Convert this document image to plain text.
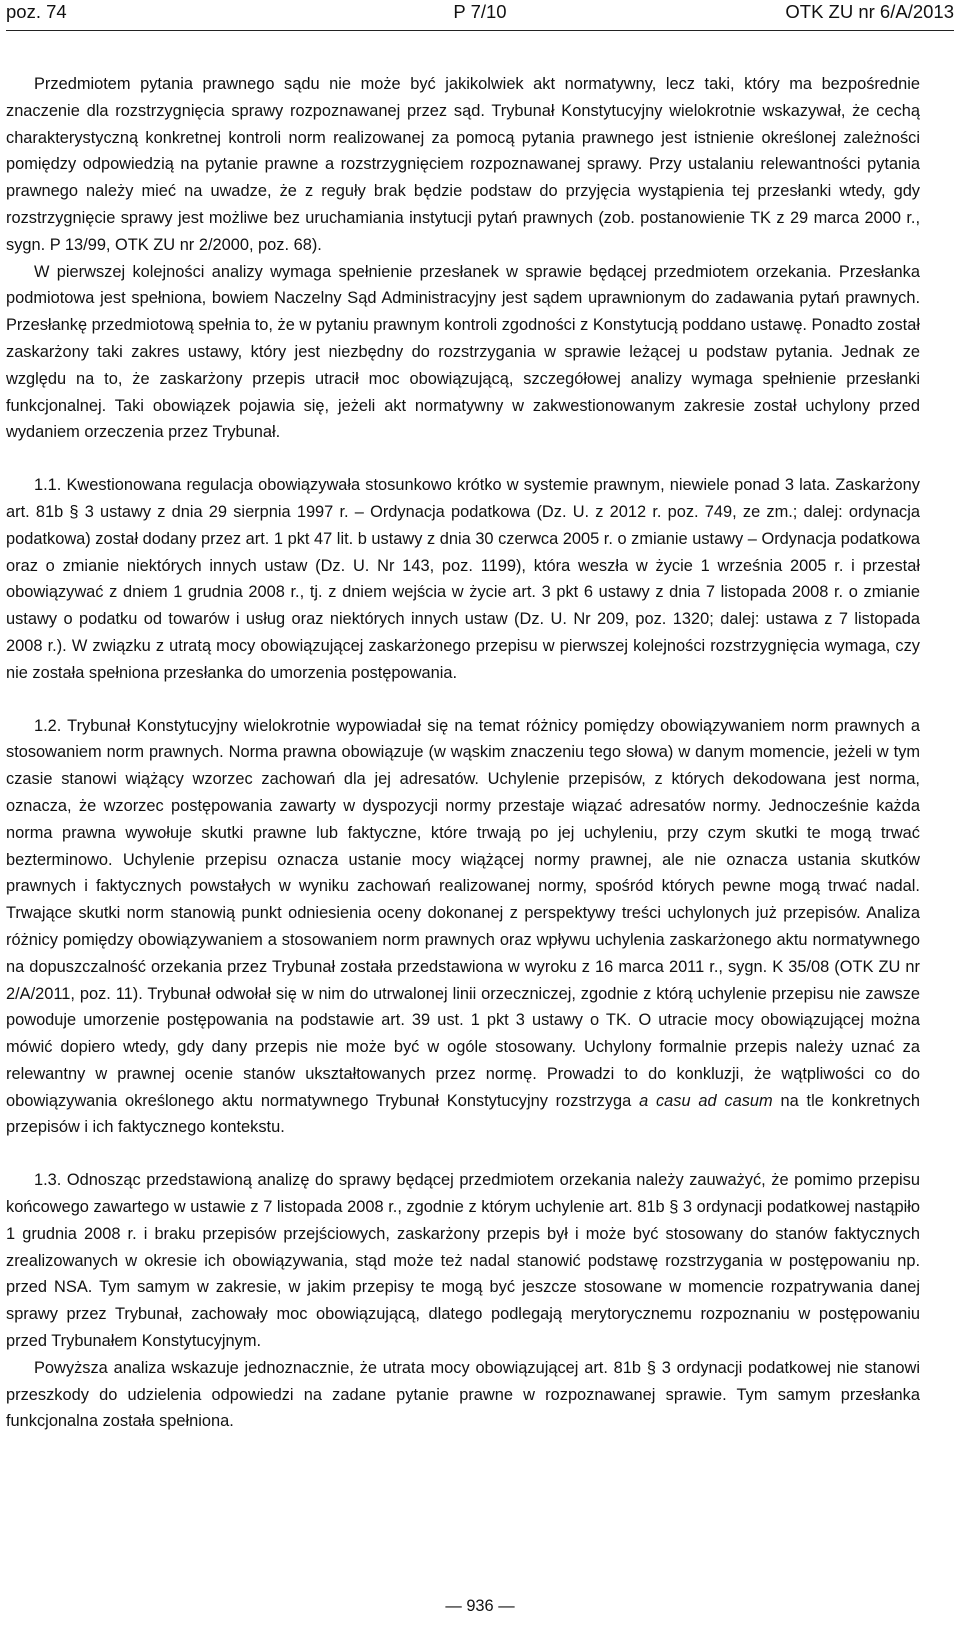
poz. 74	P 7/10	OTK ZU nr 6/A/2013

Przedmiotem pytania prawnego sądu nie może być jakikolwiek akt normatywny, lecz taki, który ma bezpośrednie znaczenie dla rozstrzygnięcia sprawy rozpoznawanej przez sąd. Trybunał Konstytucyjny wielokrotnie wskazywał, że cechą charakterystyczną konkretnej kontroli norm realizowanej za pomocą pytania prawnego jest istnienie określonej zależności pomiędzy odpowiedzią na pytanie prawne a rozstrzygnięciem rozpoznawanej sprawy. Przy ustalaniu relewantności pytania prawnego należy mieć na uwadze, że z reguły brak będzie podstaw do przyjęcia wystąpienia tej przesłanki wtedy, gdy rozstrzygnięcie sprawy jest możliwe bez uruchamiania instytucji pytań prawnych (zob. postanowienie TK z 29 marca 2000 r., sygn. P 13/99, OTK ZU nr 2/2000, poz. 68).

W pierwszej kolejności analizy wymaga spełnienie przesłanek w sprawie będącej przedmiotem orzekania. Przesłanka podmiotowa jest spełniona, bowiem Naczelny Sąd Administracyjny jest sądem uprawnionym do zadawania pytań prawnych. Przesłankę przedmiotową spełnia to, że w pytaniu prawnym kontroli zgodności z Konstytucją poddano ustawę. Ponadto został zaskarżony taki zakres ustawy, który jest niezbędny do rozstrzygania w sprawie leżącej u podstaw pytania. Jednak ze względu na to, że zaskarżony przepis utracił moc obowiązującą, szczegółowej analizy wymaga spełnienie przesłanki funkcjonalnej. Taki obowiązek pojawia się, jeżeli akt normatywny w zakwestionowanym zakresie został uchylony przed wydaniem orzeczenia przez Trybunał.

1.1. Kwestionowana regulacja obowiązywała stosunkowo krótko w systemie prawnym, niewiele ponad 3 lata. Zaskarżony art. 81b § 3 ustawy z dnia 29 sierpnia 1997 r. – Ordynacja podatkowa (Dz. U. z 2012 r. poz. 749, ze zm.; dalej: ordynacja podatkowa) został dodany przez art. 1 pkt 47 lit. b ustawy z dnia 30 czerwca 2005 r. o zmianie ustawy – Ordynacja podatkowa oraz o zmianie niektórych innych ustaw (Dz. U. Nr 143, poz. 1199), która weszła w życie 1 września 2005 r. i przestał obowiązywać z dniem 1 grudnia 2008 r., tj. z dniem wejścia w życie art. 3 pkt 6 ustawy z dnia 7 listopada 2008 r. o zmianie ustawy o podatku od towarów i usług oraz niektórych innych ustaw (Dz. U. Nr 209, poz. 1320; dalej: ustawa z 7 listopada 2008 r.). W związku z utratą mocy obowiązującej zaskarżonego przepisu w pierwszej kolejności rozstrzygnięcia wymaga, czy nie została spełniona przesłanka do umorzenia postępowania.

1.2. Trybunał Konstytucyjny wielokrotnie wypowiadał się na temat różnicy pomiędzy obowiązywaniem norm prawnych a stosowaniem norm prawnych. Norma prawna obowiązuje (w wąskim znaczeniu tego słowa) w danym momencie, jeżeli w tym czasie stanowi wiążący wzorzec zachowań dla jej adresatów. Uchylenie przepisów, z których dekodowana jest norma, oznacza, że wzorzec postępowania zawarty w dyspozycji normy przestaje wiązać adresatów normy. Jednocześnie każda norma prawna wywołuje skutki prawne lub faktyczne, które trwają po jej uchyleniu, przy czym skutki te mogą trwać bezterminowo. Uchylenie przepisu oznacza ustanie mocy wiążącej normy prawnej, ale nie oznacza ustania skutków prawnych i faktycznych powstałych w wyniku zachowań realizowanej normy, spośród których pewne mogą trwać nadal. Trwające skutki norm stanowią punkt odniesienia oceny dokonanej z perspektywy treści uchylonych już przepisów. Analiza różnicy pomiędzy obowiązywaniem a stosowaniem norm prawnych oraz wpływu uchylenia zaskarżonego aktu normatywnego na dopuszczalność orzekania przez Trybunał została przedstawiona w wyroku z 16 marca 2011 r., sygn. K 35/08 (OTK ZU nr 2/A/2011, poz. 11). Trybunał odwołał się w nim do utrwalonej linii orzeczniczej, zgodnie z którą uchylenie przepisu nie zawsze powoduje umorzenie postępowania na podstawie art. 39 ust. 1 pkt 3 ustawy o TK. O utracie mocy obowiązującej można mówić dopiero wtedy, gdy dany przepis nie może być w ogóle stosowany. Uchylony formalnie przepis należy uznać za relewantny w prawnej ocenie stanów ukształtowanych przez normę. Prowadzi to do konkluzji, że wątpliwości co do obowiązywania określonego aktu normatywnego Trybunał Konstytucyjny rozstrzyga a casu ad casum na tle konkretnych przepisów i ich faktycznego kontekstu.

1.3. Odnosząc przedstawioną analizę do sprawy będącej przedmiotem orzekania należy zauważyć, że pomimo przepisu końcowego zawartego w ustawie z 7 listopada 2008 r., zgodnie z którym uchylenie art. 81b § 3 ordynacji podatkowej nastąpiło 1 grudnia 2008 r. i braku przepisów przejściowych, zaskarżony przepis był i może być stosowany do stanów faktycznych zrealizowanych w okresie ich obowiązywania, stąd może też nadal stanowić podstawę rozstrzygania w postępowaniu np. przed NSA. Tym samym w zakresie, w jakim przepisy te mogą być jeszcze stosowane w momencie rozpatrywania danej sprawy przez Trybunał, zachowały moc obowiązującą, dlatego podlegają merytorycznemu rozpoznaniu w postępowaniu przed Trybunałem Konstytucyjnym.

Powyższa analiza wskazuje jednoznacznie, że utrata mocy obowiązującej art. 81b § 3 ordynacji podatkowej nie stanowi przeszkody do udzielenia odpowiedzi na zadane pytanie prawne w rozpoznawanej sprawie. Tym samym przesłanka funkcjonalna została spełniona.

— 936 —
